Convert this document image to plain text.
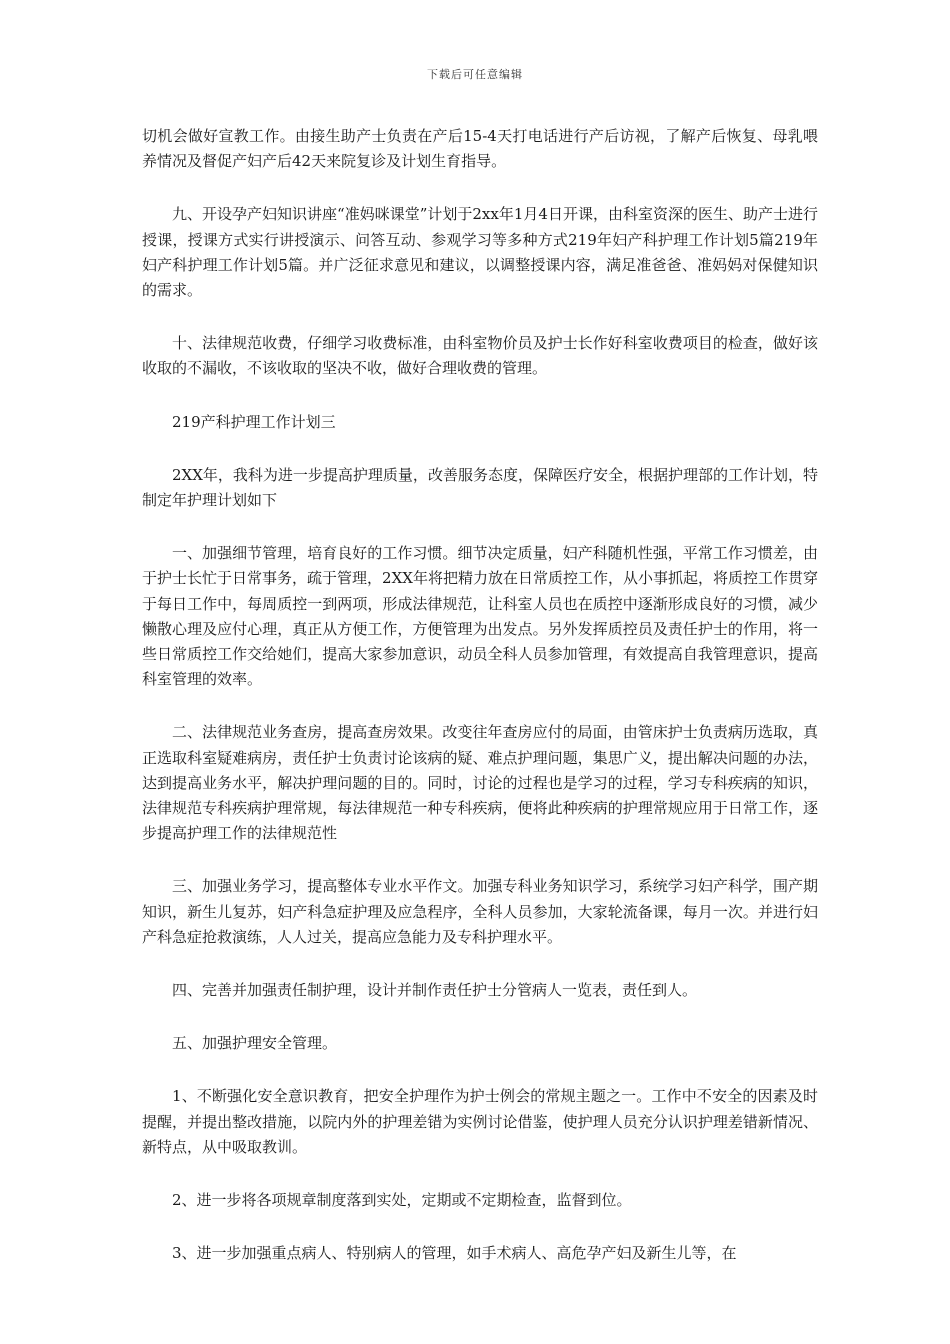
下载后可任意编辑

切机会做好宣教工作。由接生助产士负责在产后15-4天打电话进行产后访视，了解产后恢复、母乳喂养情况及督促产妇产后42天来院复诊及计划生育指导。

九、开设孕产妇知识讲座“准妈咪课堂”计划于2xx年1月4日开课，由科室资深的医生、助产士进行授课，授课方式实行讲授演示、问答互动、参观学习等多种方式219年妇产科护理工作计划5篇219年妇产科护理工作计划5篇。并广泛征求意见和建议，以调整授课内容，满足准爸爸、准妈妈对保健知识的需求。

十、法律规范收费，仔细学习收费标准，由科室物价员及护士长作好科室收费项目的检查，做好该收取的不漏收，不该收取的坚决不收，做好合理收费的管理。

219产科护理工作计划三

2XX年，我科为进一步提高护理质量，改善服务态度，保障医疗安全，根据护理部的工作计划，特制定年护理计划如下

一、加强细节管理，培育良好的工作习惯。细节决定质量，妇产科随机性强，平常工作习惯差，由于护士长忙于日常事务，疏于管理，2XX年将把精力放在日常质控工作，从小事抓起，将质控工作贯穿于每日工作中，每周质控一到两项，形成法律规范，让科室人员也在质控中逐渐形成良好的习惯，减少懒散心理及应付心理，真正从方便工作，方便管理为出发点。另外发挥质控员及责任护士的作用，将一些日常质控工作交给她们，提高大家参加意识，动员全科人员参加管理，有效提高自我管理意识，提高科室管理的效率。

二、法律规范业务查房，提高查房效果。改变往年查房应付的局面，由管床护士负责病历选取，真正选取科室疑难病房，责任护士负责讨论该病的疑、难点护理问题，集思广义，提出解决问题的办法，达到提高业务水平，解决护理问题的目的。同时，讨论的过程也是学习的过程，学习专科疾病的知识，法律规范专科疾病护理常规，每法律规范一种专科疾病，便将此种疾病的护理常规应用于日常工作，逐步提高护理工作的法律规范性

三、加强业务学习，提高整体专业水平作文。加强专科业务知识学习，系统学习妇产科学，围产期知识，新生儿复苏，妇产科急症护理及应急程序，全科人员参加，大家轮流备课，每月一次。并进行妇产科急症抢救演练，人人过关，提高应急能力及专科护理水平。

四、完善并加强责任制护理，设计并制作责任护士分管病人一览表，责任到人。

五、加强护理安全管理。

1、不断强化安全意识教育，把安全护理作为护士例会的常规主题之一。工作中不安全的因素及时提醒，并提出整改措施，以院内外的护理差错为实例讨论借鉴，使护理人员充分认识护理差错新情况、新特点，从中吸取教训。

2、进一步将各项规章制度落到实处，定期或不定期检查，监督到位。

3、进一步加强重点病人、特别病人的管理，如手术病人、高危孕产妇及新生儿等，在
